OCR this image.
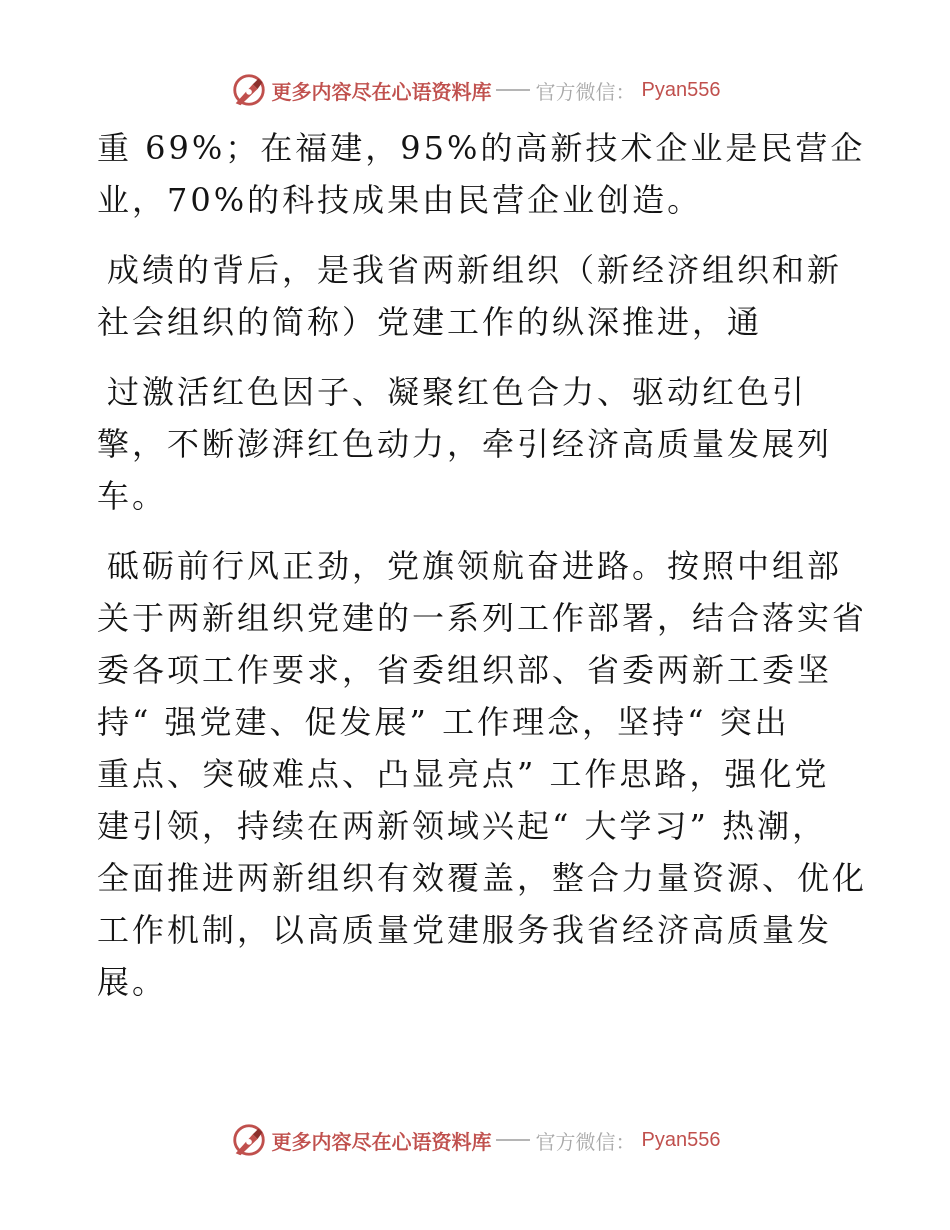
更多内容尽在心语资料库 官方微信： Pyan556

重 69%；在福建，95%的高新技术企业是民营企
业，70%的科技成果由民营企业创造。

成绩的背后，是我省两新组织（新经济组织和新
社会组织的简称）党建工作的纵深推进，通

过激活红色因子、凝聚红色合力、驱动红色引
擎，不断澎湃红色动力，牵引经济高质量发展列
车。

砥砺前行风正劲，党旗领航奋进路。按照中组部
关于两新组织党建的一系列工作部署，结合落实省
委各项工作要求，省委组织部、省委两新工委坚
持“ 强党建、促发展” 工作理念，坚持“ 突出
重点、突破难点、凸显亮点” 工作思路，强化党
建引领，持续在两新领域兴起“ 大学习” 热潮，
全面推进两新组织有效覆盖，整合力量资源、优化
工作机制，以高质量党建服务我省经济高质量发
展。

更多内容尽在心语资料库 官方微信： Pyan556
